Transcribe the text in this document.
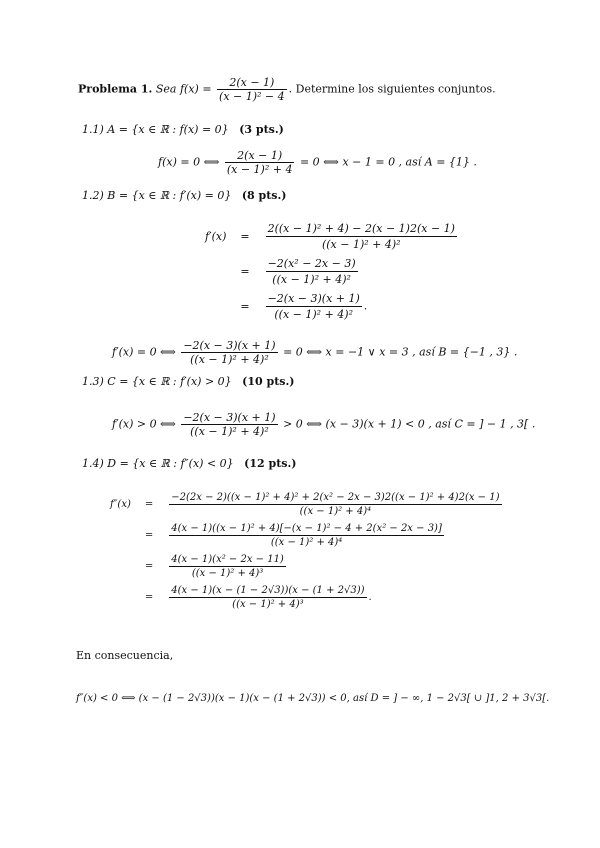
Problema 1. Sea $f(x) = \frac{2(x - 1)}{\text{(x − 1)² − 4}}$ . Determine los siguientes conjuntos.
1.1) A = {x ∈ ℝ : f(x) = 0} (3 pts.)
f(x) = 0 ⟺ $\frac{2(x - 1)}{\text{(x − 1)² + 4}} = 0$ ⟺ x − 1 = 0 , así A = {1} .
1.2) B = {x ∈ ℝ : f′(x) = 0} (8 pts.)
f′(x)	=	$\frac{\text{2((x − 1)² + 4) − 2(x − 1)2(x − 1)}}{\text{((x − 1)² + 4)²}}$
=	$\frac{\text{−2(x² − 2x − 3)}}{\text{((x − 1)² + 4)²}}$
=	$\frac{-2(x - 3)(x + 1)}{\text{((x − 1)² + 4)²}}$ .
f′(x) = 0 ⟺ $\frac{-2(x - 3)(x + 1)}{\text{((x − 1)² + 4)²}} = 0$ ⟺ x = −1 ∨ x = 3 , así B = {−1 , 3} .
1.3) C = {x ∈ ℝ : f′(x) > 0} (10 pts.)
f′(x) > 0 ⟺ $\frac{-2(x - 3)(x + 1)}{\text{((x − 1)² + 4)²}} > 0$ ⟺ (x − 3)(x + 1) < 0 , así C = ] − 1 , 3[ .
1.4) D = {x ∈ ℝ : f″(x) < 0} (12 pts.)
f″(x)	=
−2(2x − 2)((x − 1)² + 4)² + 2(x² − 2x − 3)2((x − 1)² + 4)2(x − 1)
((x − 1)² + 4)⁴
=	$\frac{\text{4(x − 1)((x − 1)² + 4)[−(x − 1)² − 4 + 2(x² − 2x − 3)]}}{\text{((x − 1)² + 4)⁴}}$
=	$\frac{\text{4(x − 1)(x² − 2x − 11)}}{\text{((x − 1)² + 4)³}}$
=	$\frac{4(x - 1)(x - (1 - 2√3))(x - (1 + 2√3))}{\text{((x − 1)² + 4)³}}$ .
En consecuencia,
f″(x) < 0 ⟺ (x − (1 − 2√3))(x − 1)(x − (1 + 2√3)) < 0, así D = ] − ∞, 1 − 2√3[ ∪ ]1, 2 + 3√3[.
